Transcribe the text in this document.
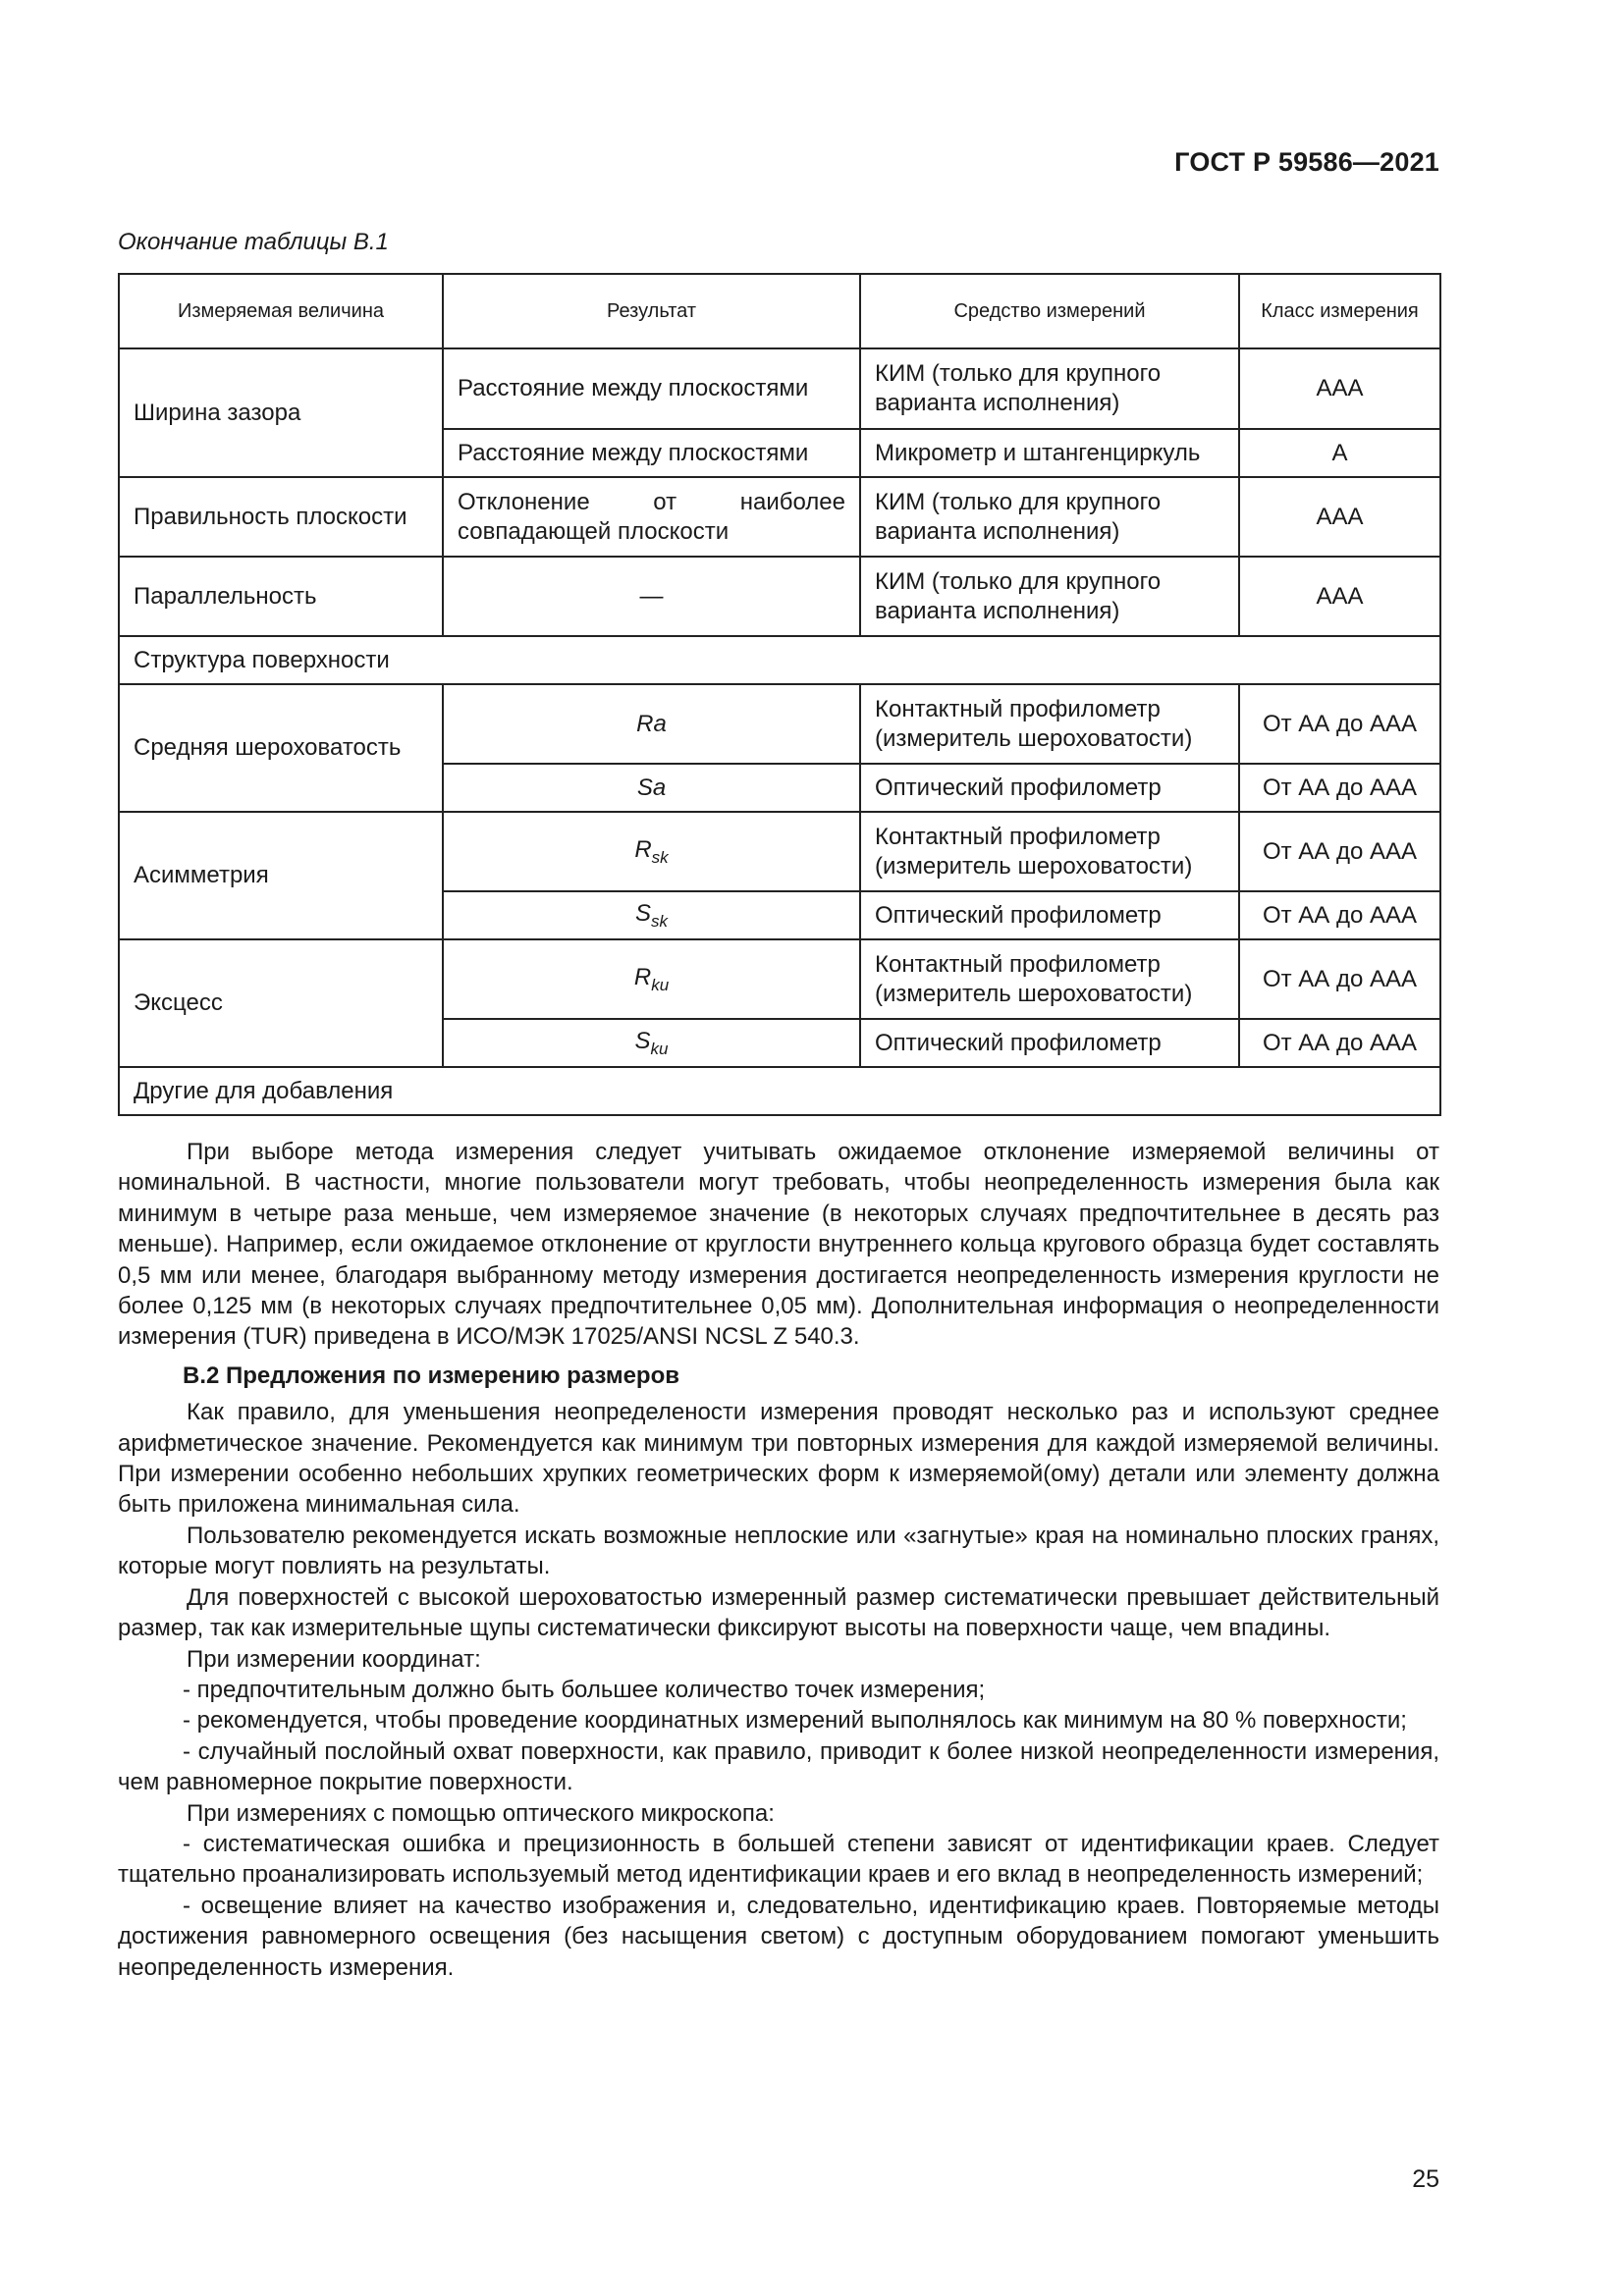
ГОСТ Р 59586—2021
Окончание таблицы В.1
Измеряемая величина	Результат	Средство измерений	Класс измерения
Ширина зазора	Расстояние между плоскостями	КИМ (только для крупного варианта исполнения)	AAA
	Расстояние между плоскостями	Микрометр и штангенциркуль	A
Правильность плоскости	Отклонение от наиболее совпадающей плоскости	КИМ (только для крупного варианта исполнения)	AAA
Параллельность	—	КИМ (только для крупного варианта исполнения)	AAA
Структура поверхности			
Средняя шероховатость	Ra	Контактный профилометр (измеритель шероховатости)	От АА до ААА
	Sa	Оптический профилометр	От АА до ААА
Асимметрия	$R_{sk}$	Контактный профилометр (измеритель шероховатости)	От АА до ААА
	$S_{sk}$	Оптический профилометр	От АА до ААА
Эксцесс	$R_{ku}$	Контактный профилометр (измеритель шероховатости)	От АА до ААА
	$S_{ku}$	Оптический профилометр	От АА до ААА
Другие для добавления			

При выборе метода измерения следует учитывать ожидаемое отклонение измеряемой величины от номинальной. В частности, многие пользователи могут требовать, чтобы неопределенность измерения была как минимум в четыре раза меньше, чем измеряемое значение (в некоторых случаях предпочтительнее в десять раз меньше). Например, если ожидаемое отклонение от круглости внутреннего кольца кругового образца будет составлять 0,5 мм или менее, благодаря выбранному методу измерения достигается неопределенность измерения круглости не более 0,125 мм (в некоторых случаях предпочтительнее 0,05 мм). Дополнительная информация о неопределенности измерения (TUR) приведена в ИСО/МЭК 17025/ANSI NCSL Z 540.3.

В.2 Предложения по измерению размеров

Как правило, для уменьшения неопределености измерения проводят несколько раз и используют среднее арифметическое значение. Рекомендуется как минимум три повторных измерения для каждой измеряемой величины. При измерении особенно небольших хрупких геометрических форм к измеряемой(ому) детали или элементу должна быть приложена минимальная сила.

Пользователю рекомендуется искать возможные неплоские или «загнутые» края на номинально плоских гранях, которые могут повлиять на результаты.

Для поверхностей с высокой шероховатостью измеренный размер систематически превышает действительный размер, так как измерительные щупы систематически фиксируют высоты на поверхности чаще, чем впадины.

При измерении координат:

- предпочтительным должно быть большее количество точек измерения;

- рекомендуется, чтобы проведение координатных измерений выполнялось как минимум на 80 % поверхности;

- случайный послойный охват поверхности, как правило, приводит к более низкой неопределенности измерения, чем равномерное покрытие поверхности.

При измерениях с помощью оптического микроскопа:

- систематическая ошибка и прецизионность в большей степени зависят от идентификации краев. Следует тщательно проанализировать используемый метод идентификации краев и его вклад в неопределенность измерений;

- освещение влияет на качество изображения и, следовательно, идентификацию краев. Повторяемые методы достижения равномерного освещения (без насыщения светом) с доступным оборудованием помогают уменьшить неопределенность измерения.

25
